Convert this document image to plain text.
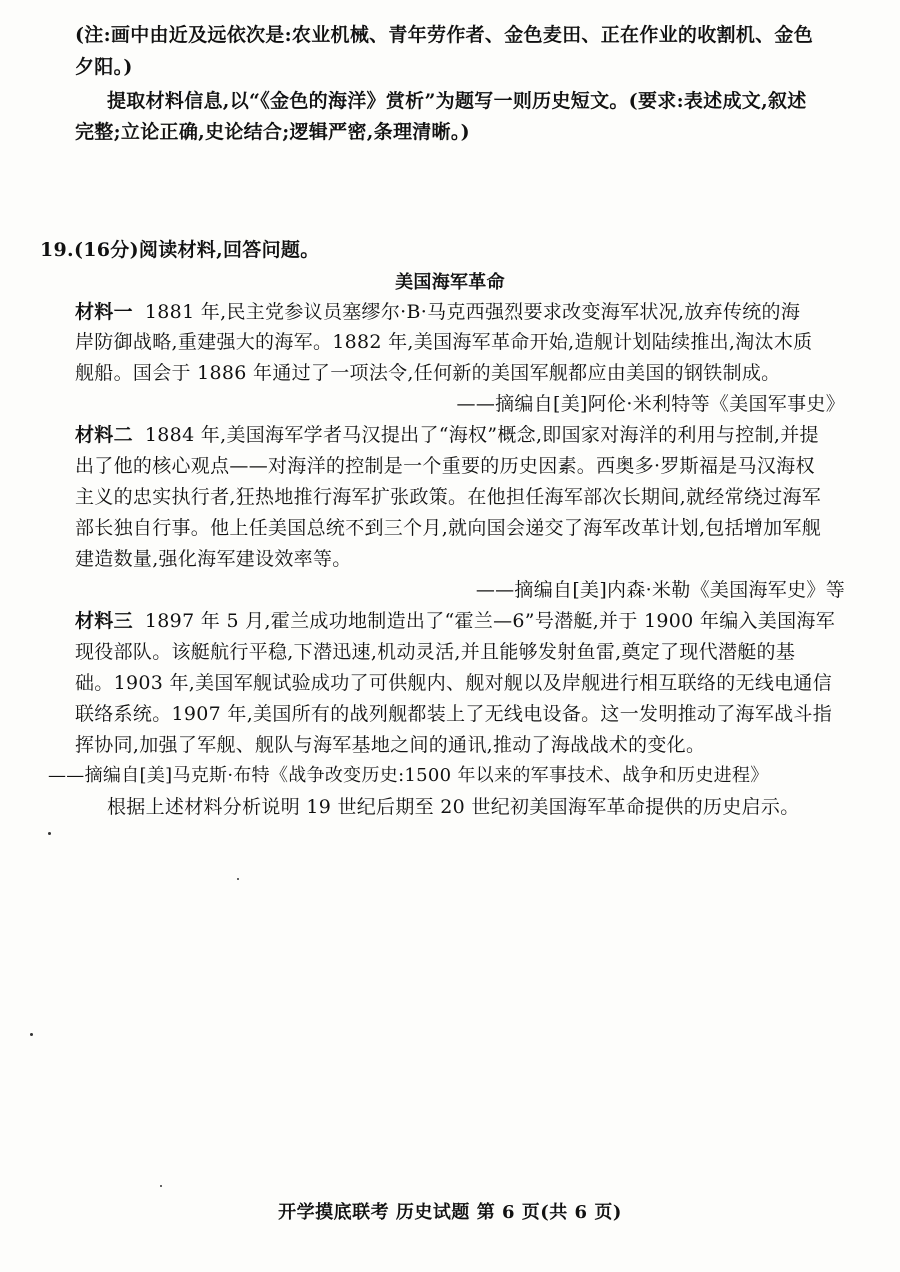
(注:画中由近及远依次是:农业机械、青年劳作者、金色麦田、正在作业的收割机、金色
夕阳。)
提取材料信息,以“《金色的海洋》赏析”为题写一则历史短文。(要求:表述成文,叙述
完整;立论正确,史论结合;逻辑严密,条理清晰。)
19.(16分)阅读材料,回答问题。
美国海军革命
材料一 1881 年,民主党参议员塞缪尔·B·马克西强烈要求改变海军状况,放弃传统的海
岸防御战略,重建强大的海军。1882 年,美国海军革命开始,造舰计划陆续推出,淘汰木质
舰船。国会于 1886 年通过了一项法令,任何新的美国军舰都应由美国的钢铁制成。
——摘编自[美]阿伦·米利特等《美国军事史》
材料二 1884 年,美国海军学者马汉提出了“海权”概念,即国家对海洋的利用与控制,并提
出了他的核心观点——对海洋的控制是一个重要的历史因素。西奥多·罗斯福是马汉海权
主义的忠实执行者,狂热地推行海军扩张政策。在他担任海军部次长期间,就经常绕过海军
部长独自行事。他上任美国总统不到三个月,就向国会递交了海军改革计划,包括增加军舰
建造数量,强化海军建设效率等。
——摘编自[美]内森·米勒《美国海军史》等
材料三 1897 年 5 月,霍兰成功地制造出了“霍兰—6”号潜艇,并于 1900 年编入美国海军
现役部队。该艇航行平稳,下潜迅速,机动灵活,并且能够发射鱼雷,奠定了现代潜艇的基
础。1903 年,美国军舰试验成功了可供舰内、舰对舰以及岸舰进行相互联络的无线电通信
联络系统。1907 年,美国所有的战列舰都装上了无线电设备。这一发明推动了海军战斗指
挥协同,加强了军舰、舰队与海军基地之间的通讯,推动了海战战术的变化。
——摘编自[美]马克斯·布特《战争改变历史:1500 年以来的军事技术、战争和历史进程》
根据上述材料分析说明 19 世纪后期至 20 世纪初美国海军革命提供的历史启示。
开学摸底联考 历史试题 第 6 页(共 6 页)
